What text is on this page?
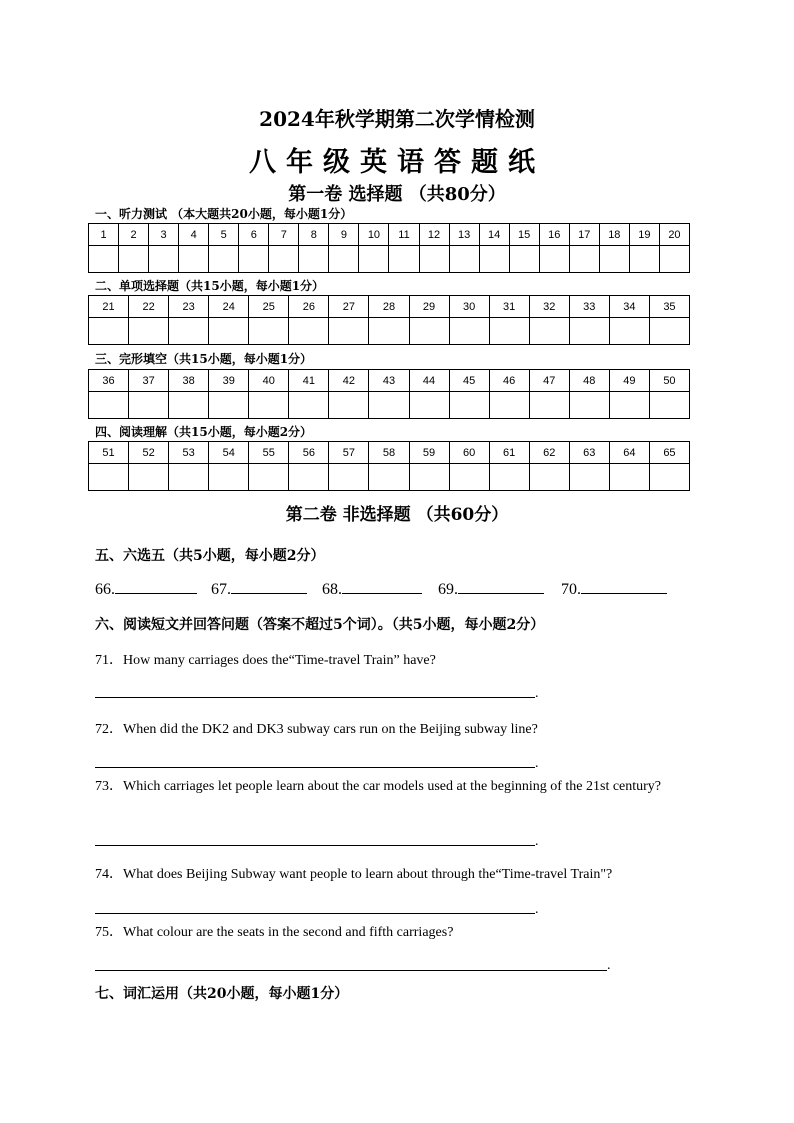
2024年秋学期第二次学情检测
八年级英语答题纸
第一卷 选择题 （共80分）
一、听力测试 （本大题共20小题，每小题1分）
1	2	3	4	5	6	7	8	9	10	11	12	13	14	15	16	17	18	19	20

二、单项选择题（共15小题，每小题1分）
21	22	23	24	25	26	27	28	29	30	31	32	33	34	35

三、完形填空（共15小题，每小题1分）
36	37	38	39	40	41	42	43	44	45	46	47	48	49	50

四、阅读理解（共15小题，每小题2分）
51	52	53	54	55	56	57	58	59	60	61	62	63	64	65

第二卷 非选择题 （共60分）
五、六选五（共5小题，每小题2分）
66.	67.	68.	69.	70.
六、阅读短文并回答问题（答案不超过5个词）。（共5小题，每小题2分）
71．How many carriages does the“Time-travel Train” have?
.
72．When did the DK2 and DK3 subway cars run on the Beijing subway line?
.
73．Which carriages let people learn about the car models used at the beginning of the 21st century?
.
74．What does Beijing Subway want people to learn about through the“Time-travel Train"?
.
75．What colour are the seats in the second and fifth carriages?
.
七、词汇运用（共20小题，每小题1分）
